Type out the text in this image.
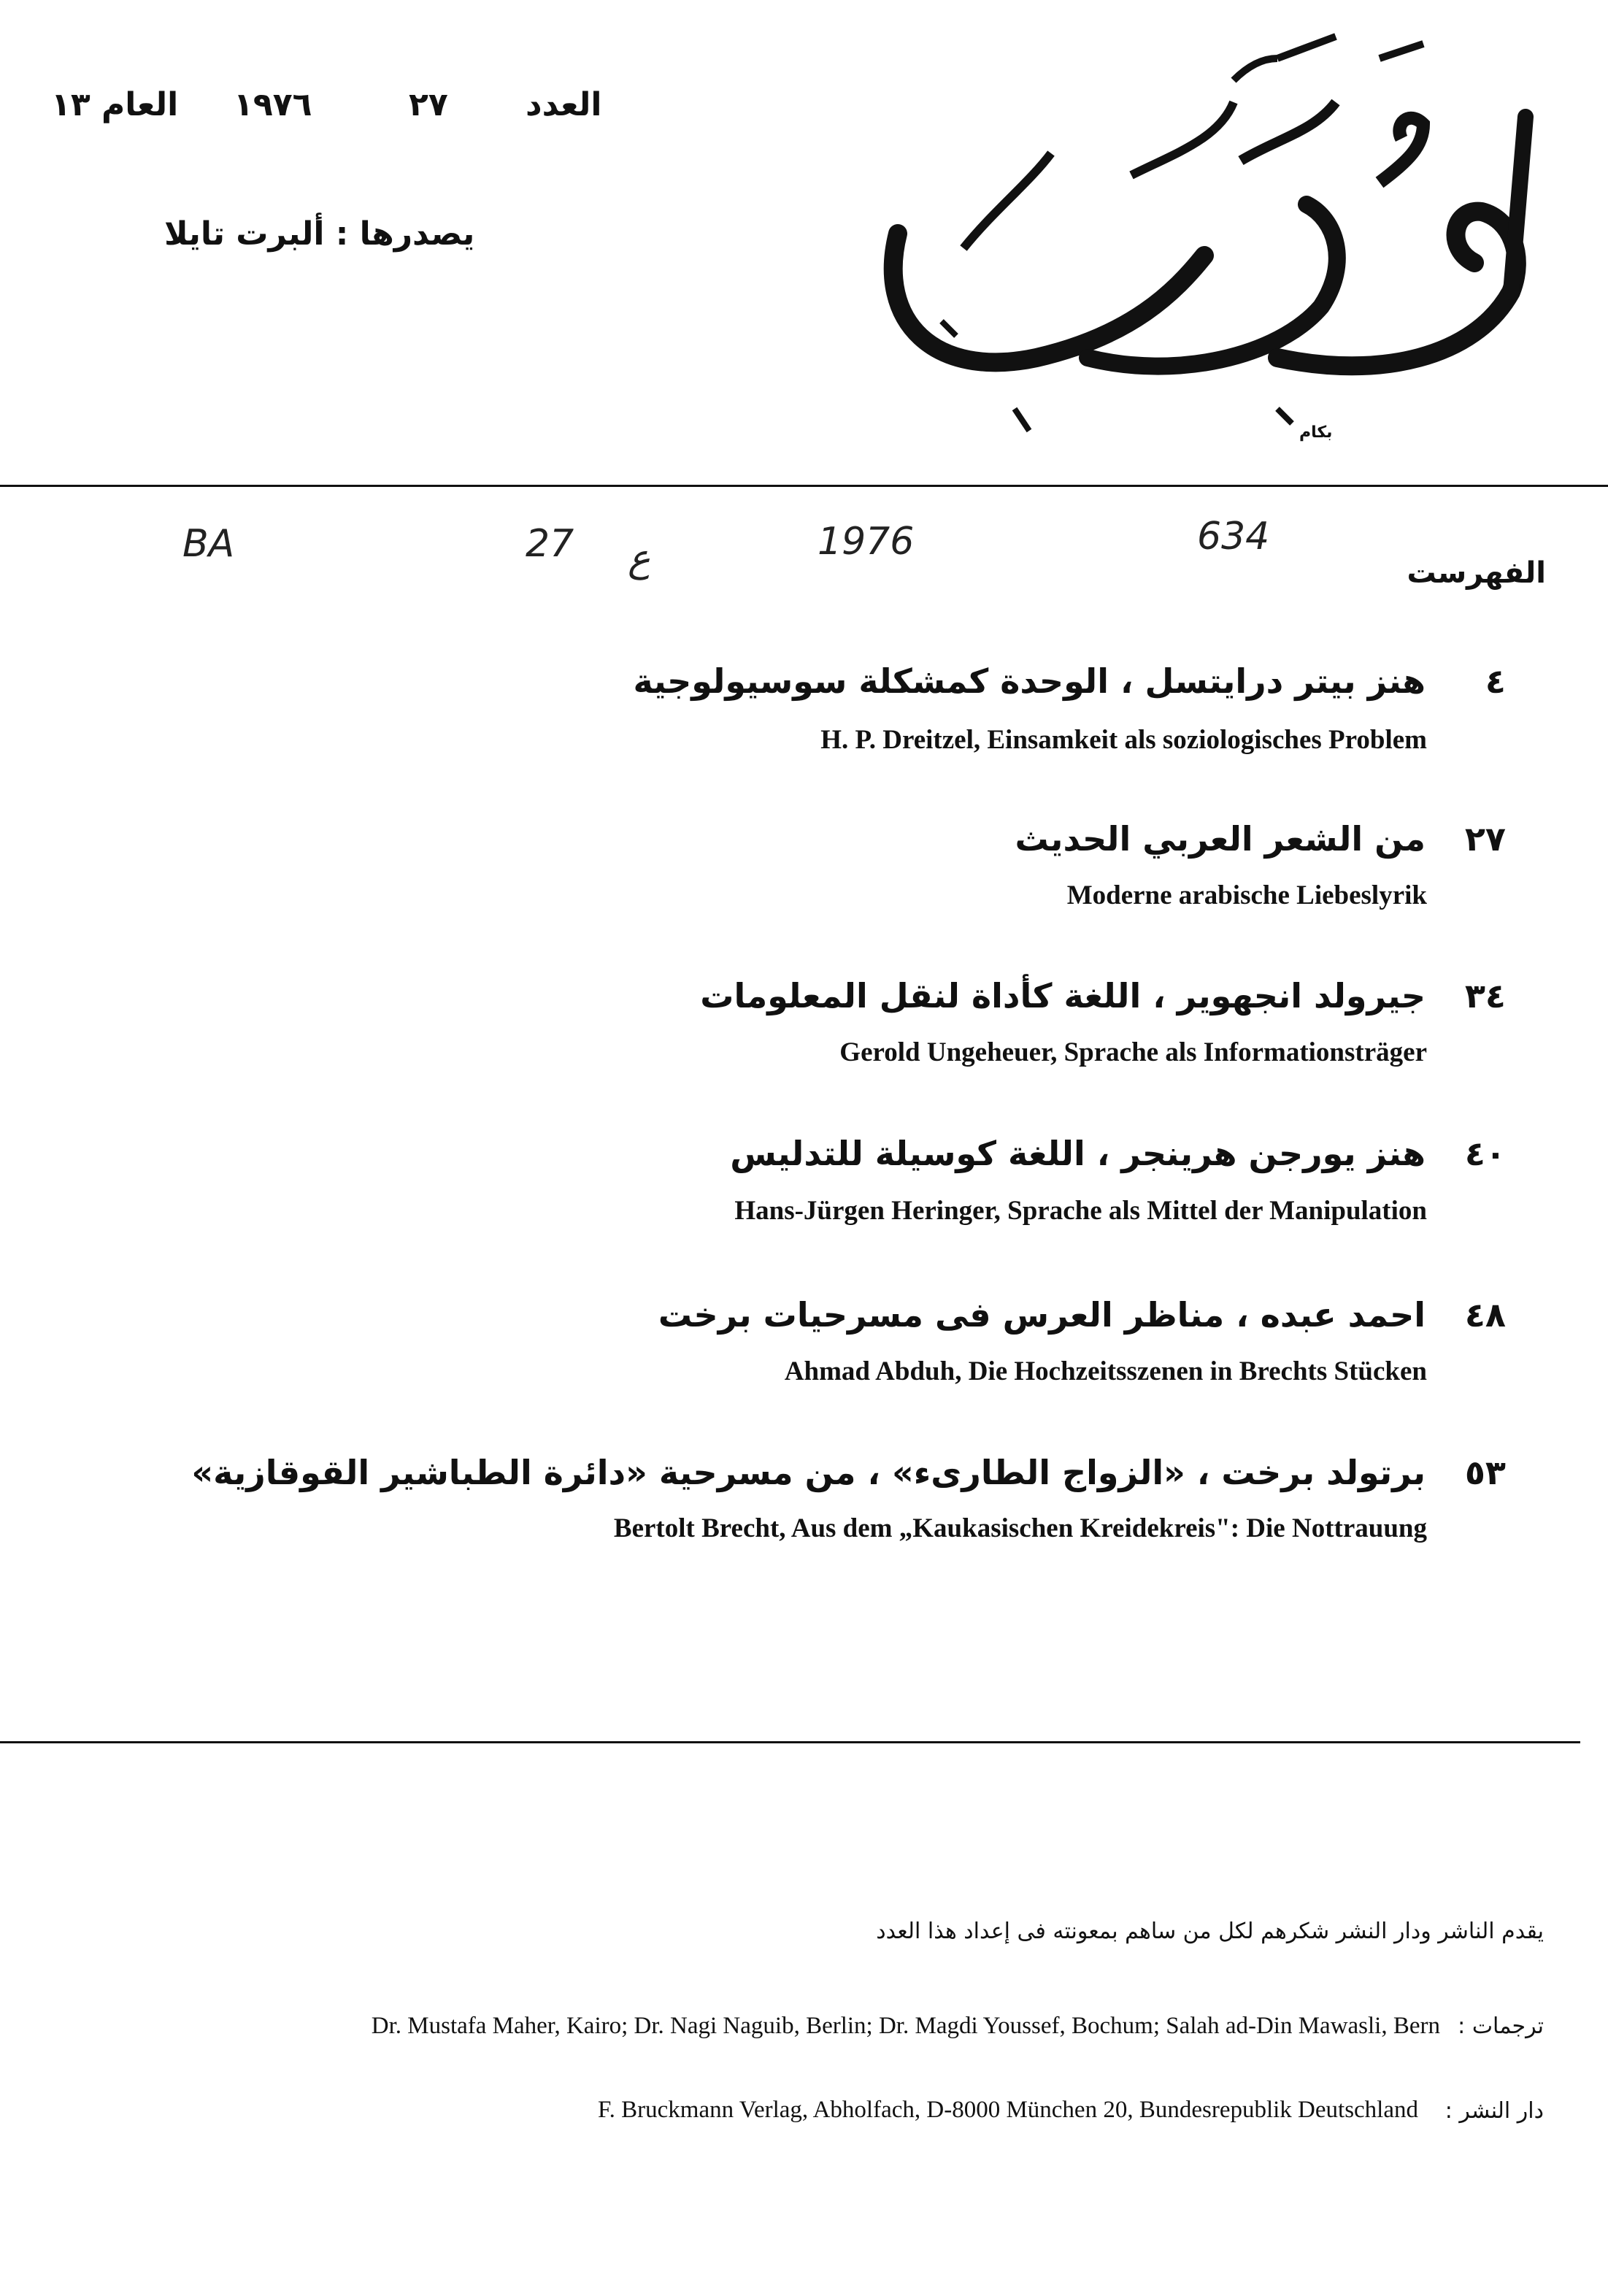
العدد
٢٧
١٩٧٦
العام ١٣
يصدرها : ألبرت تايلا
بكام
BA	27 ع	1976	634
الفهرست
٤
هنز بيتر درايتسل ، الوحدة كمشكلة سوسيولوجية
H. P. Dreitzel, Einsamkeit als soziologisches Problem
٢٧
من الشعر العربي الحديث
Moderne arabische Liebeslyrik
٣٤
جيرولد انجهوير ، اللغة كأداة لنقل المعلومات
Gerold Ungeheuer, Sprache als Informationsträger
٤٠
هنز يورجن هرينجر ، اللغة كوسيلة للتدليس
Hans-Jürgen Heringer, Sprache als Mittel der Manipulation
٤٨
احمد عبده ، مناظر العرس فى مسرحيات برخت
Ahmad Abduh, Die Hochzeitsszenen in Brechts Stücken
٥٣
برتولد برخت ، «الزواج الطارىء» ، من مسرحية «دائرة الطباشير القوقازية»
Bertolt Brecht, Aus dem „Kaukasischen Kreidekreis": Die Nottrauung
يقدم الناشر ودار النشر شكرهم لكل من ساهم بمعونته فى إعداد هذا العدد
ترجمات :
Dr. Mustafa Maher, Kairo; Dr. Nagi Naguib, Berlin; Dr. Magdi Youssef, Bochum; Salah ad-Din Mawasli, Bern
دار النشر :
F. Bruckmann Verlag, Abholfach, D-8000 München 20, Bundesrepublik Deutschland
